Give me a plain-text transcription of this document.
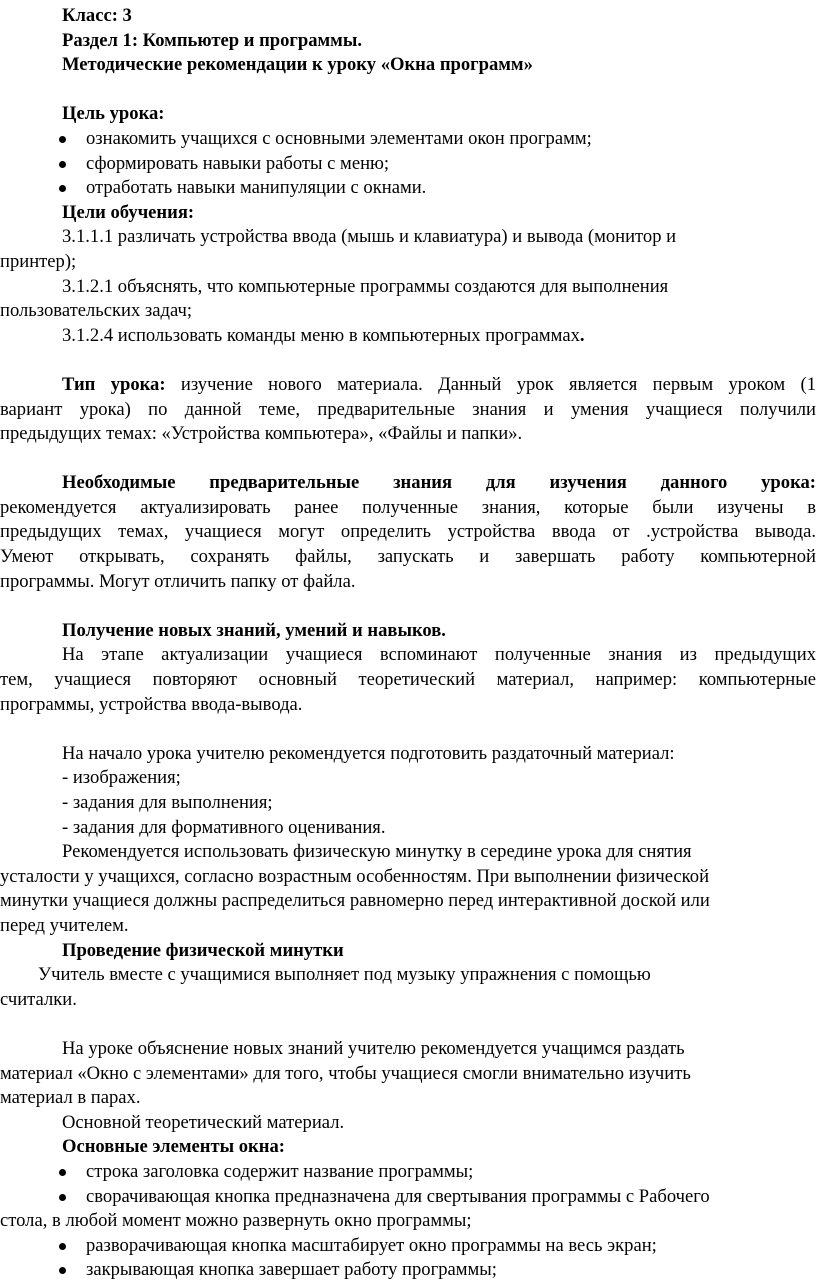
Класс: 3
Раздел 1: Компьютер и программы.
Методические рекомендации к уроку «Окна программ»
Цель урока:
ознакомить учащихся с основными элементами окон программ;
сформировать навыки работы с меню;
отработать навыки манипуляции с окнами.
Цели обучения:
3.1.1.1 различать устройства ввода (мышь и клавиатура) и вывода (монитор и
принтер);
3.1.2.1 объяснять, что компьютерные программы создаются для выполнения
пользовательских задач;
3.1.2.4 использовать команды меню в компьютерных программах.
Тип урока: изучение нового материала. Данный урок является первым уроком (1
вариант урока) по данной теме, предварительные знания и умения учащиеся получили
предыдущих темах: «Устройства компьютера», «Файлы и папки».
Необходимые предварительные знания для изучения данного урока:
рекомендуется актуализировать ранее полученные знания, которые были изучены в
предыдущих темах, учащиеся могут определить устройства ввода от .устройства вывода.
Умеют открывать, сохранять файлы, запускать и завершать работу компьютерной
программы. Могут отличить папку от файла.
Получение новых знаний, умений и навыков.
На этапе актуализации учащиеся вспоминают полученные знания из предыдущих
тем, учащиеся повторяют основный теоретический материал, например: компьютерные
программы, устройства ввода-вывода.
На начало урока учителю рекомендуется подготовить раздаточный материал:
- изображения;
- задания для выполнения;
- задания для формативного оценивания.
Рекомендуется использовать физическую минутку в середине урока для снятия
усталости у учащихся, согласно возрастным особенностям. При выполнении физической
минутки учащиеся должны распределиться равномерно перед интерактивной доской или
перед учителем.
Проведение физической минутки
Учитель вместе с учащимися выполняет под музыку упражнения с помощью
считалки.
На уроке объяснение новых знаний учителю рекомендуется учащимся раздать
материал «Окно с элементами» для того, чтобы учащиеся смогли внимательно изучить
материал в парах.
Основной теоретический материал.
Основные элементы окна:
строка заголовка содержит название программы;
сворачивающая кнопка предназначена для свертывания программы с Рабочего
стола, в любой момент можно развернуть окно программы;
разворачивающая кнопка масштабирует окно программы на весь экран;
закрывающая кнопка завершает работу программы;
